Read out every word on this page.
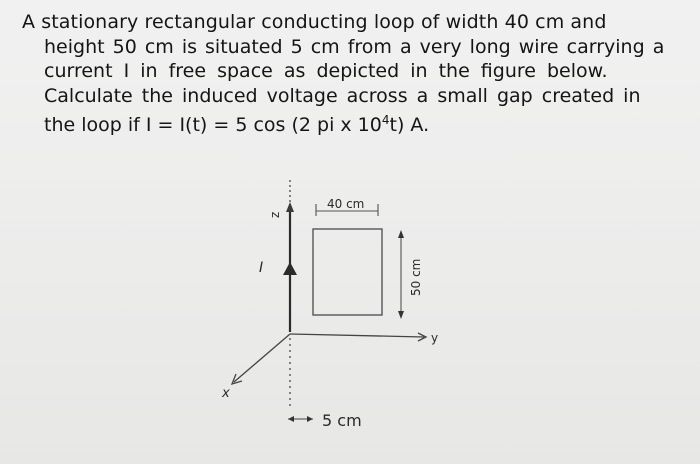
A stationary rectangular conducting loop of width 40 cm and
height 50 cm is situated 5 cm from a very long wire carrying a
current I in free space as depicted in the figure below.
Calculate the induced voltage across a small gap created in
the loop if I = I(t) = 5 cos (2 pi x $10^4t$) A.
40 cm
50 cm
5 cm
z
y
x
I
